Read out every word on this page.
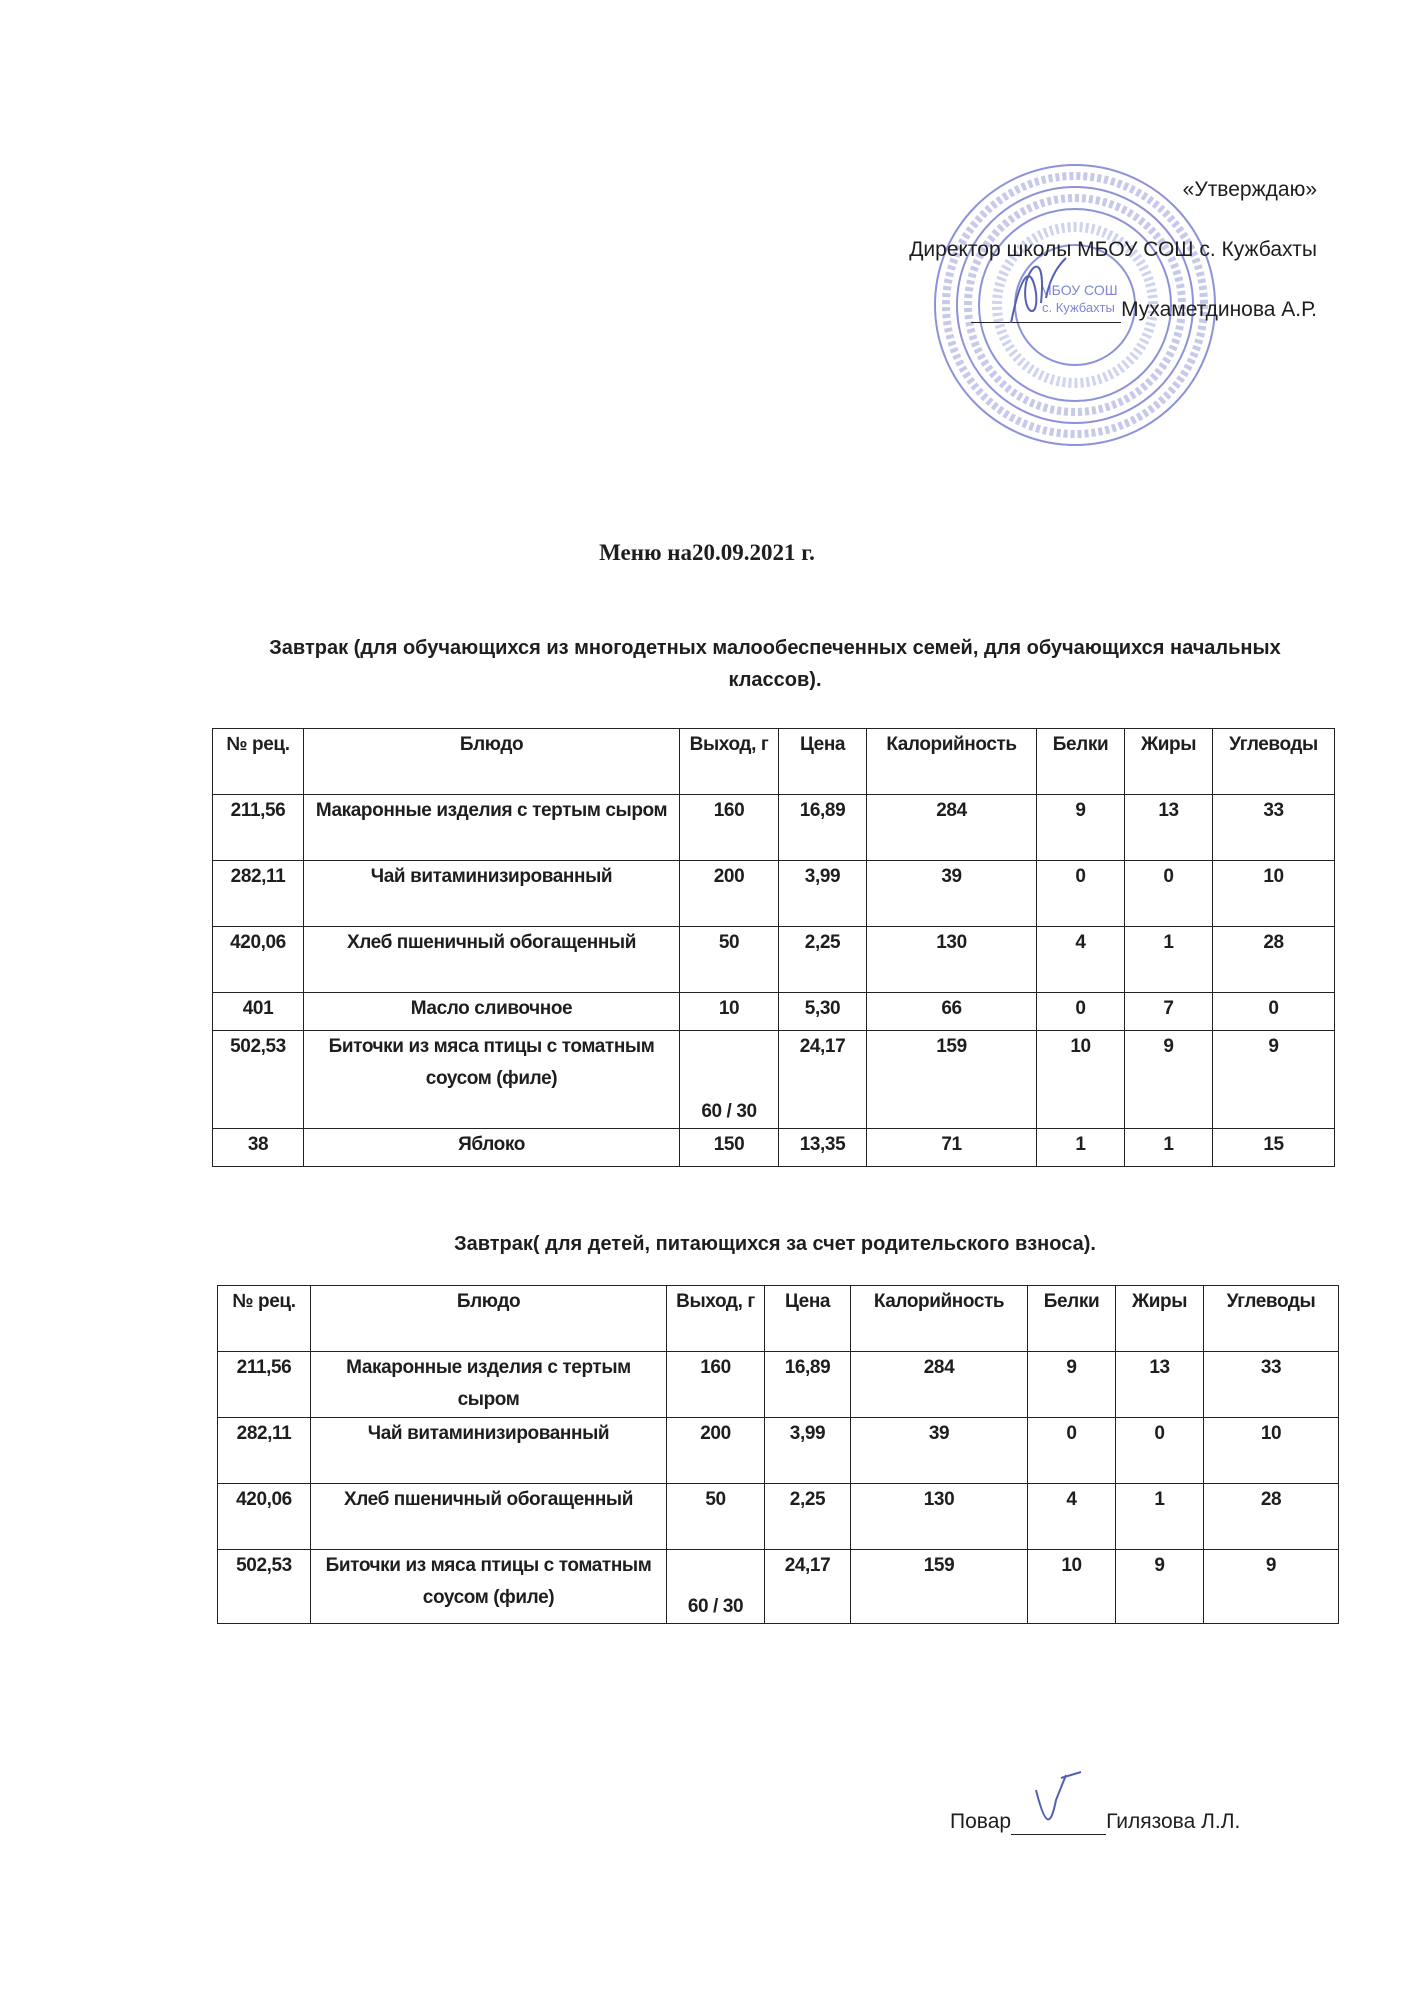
МБОУ СОШ
с. Кужбахты
«Утверждаю»
Директор школы МБОУ СОШ с. Кужбахты
Мухаметдинова А.Р.
Меню на20.09.2021 г.
Завтрак (для обучающихся из многодетных малообеспеченных семей, для обучающихся начальных классов).
№ рец.	Блюдо	Выход, г	Цена	Калорийность	Белки	Жиры	Углеводы
211,56	Макаронные изделия с тертым сыром	160	16,89	284	9	13	33
282,11	Чай витаминизированный	200	3,99	39	0	0	10
420,06	Хлеб пшеничный обогащенный	50	2,25	130	4	1	28
401	Масло сливочное	10	5,30	66	0	7	0
502,53	Биточки из мяса птицы с томатным соусом (филе)	60 / 30	24,17	159	10	9	9
38	Яблоко	150	13,35	71	1	1	15
Завтрак( для детей, питающихся за счет родительского взноса).
№ рец.	Блюдо	Выход, г	Цена	Калорийность	Белки	Жиры	Углеводы
211,56	Макаронные изделия с тертым сыром	160	16,89	284	9	13	33
282,11	Чай витаминизированный	200	3,99	39	0	0	10
420,06	Хлеб пшеничный обогащенный	50	2,25	130	4	1	28
502,53	Биточки из мяса птицы с томатным соусом (филе)	60 / 30	24,17	159	10	9	9
Повар	Гилязова Л.Л.
